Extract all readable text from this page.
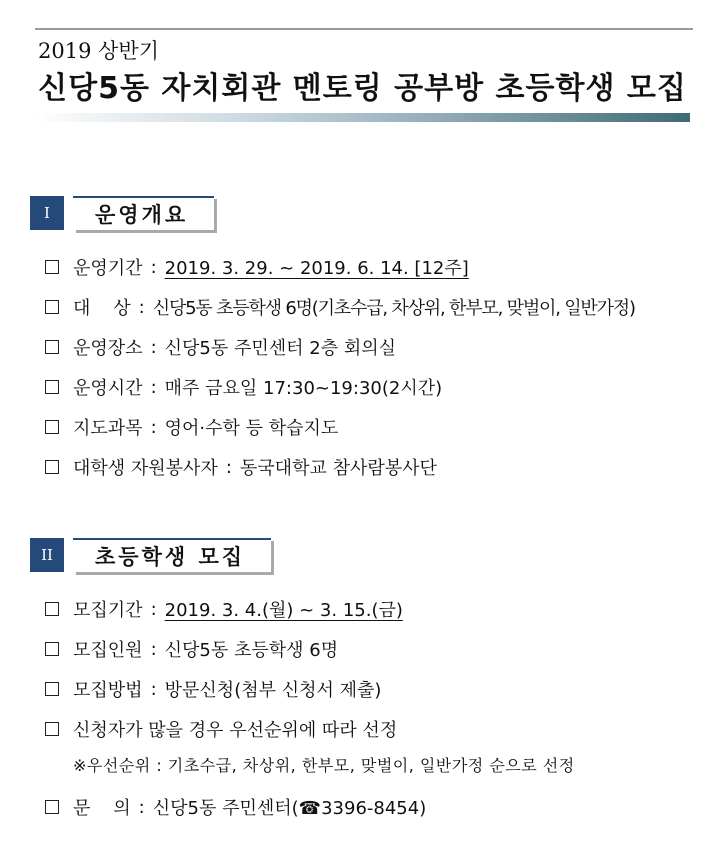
2019 상반기
신당5동 자치회관 멘토링 공부방 초등학생 모집
I	운영개요
운영기간 : 2019. 3. 29. ~ 2019. 6. 14. [12주]
대    상 : 신당5동 초등학생 6명(기초수급, 차상위, 한부모, 맞벌이, 일반가정)
운영장소 : 신당5동 주민센터 2층 회의실
운영시간 : 매주 금요일 17:30~19:30(2시간)
지도과목 : 영어·수학 등 학습지도
대학생 자원봉사자 : 동국대학교 참사람봉사단
II	초등학생 모집
모집기간 : 2019. 3. 4.(월) ~ 3. 15.(금)
모집인원 : 신당5동 초등학생 6명
모집방법 : 방문신청(첨부 신청서 제출)
신청자가 많을 경우 우선순위에 따라 선정
※우선순위 : 기초수급, 차상위, 한부모, 맞벌이, 일반가정 순으로 선정
문    의 : 신당5동 주민센터(☎3396-8454)
